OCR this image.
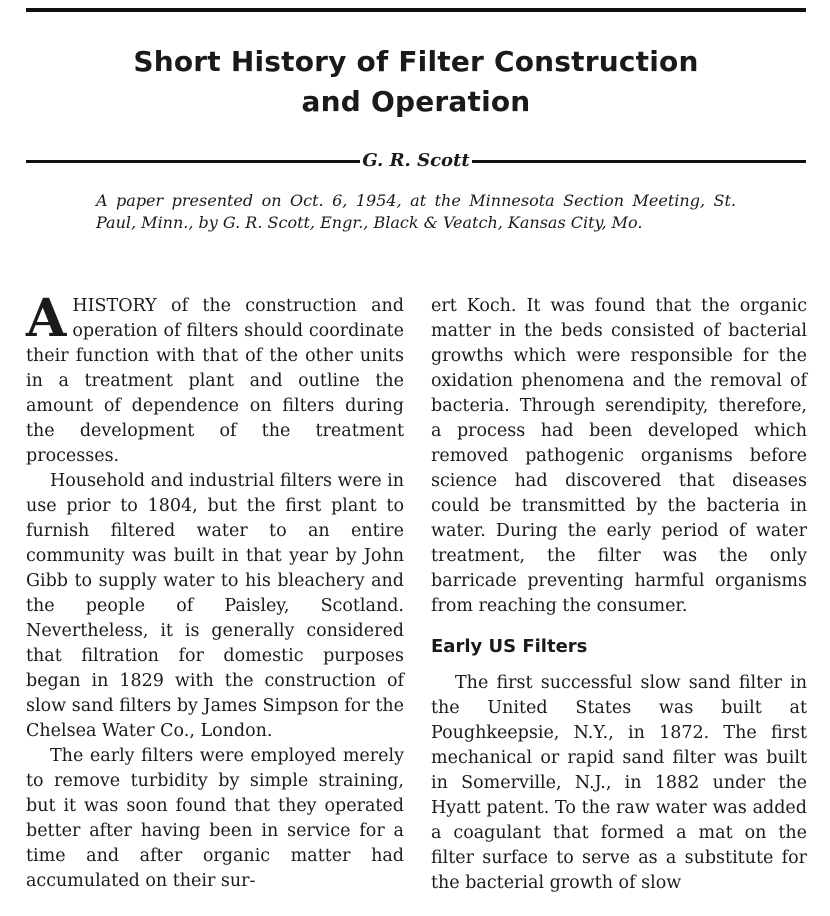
Short History of Filter Construction
and Operation
G. R. Scott
A paper presented on Oct. 6, 1954, at the Minnesota Section Meeting, St. Paul, Minn., by G. R. Scott, Engr., Black & Veatch, Kansas City, Mo.

A HISTORY of the construction and operation of filters should coordinate their function with that of the other units in a treatment plant and outline the amount of dependence on filters during the development of the treatment processes.

Household and industrial filters were in use prior to 1804, but the first plant to furnish filtered water to an entire community was built in that year by John Gibb to supply water to his bleachery and the people of Paisley, Scotland. Nevertheless, it is generally considered that filtration for domestic purposes began in 1829 with the construction of slow sand filters by James Simpson for the Chelsea Water Co., London.

The early filters were employed merely to remove turbidity by simple straining, but it was soon found that they operated better after having been in service for a time and after organic matter had accumulated on their sur-

ert Koch. It was found that the organic matter in the beds consisted of bacterial growths which were responsible for the oxidation phenomena and the removal of bacteria. Through serendipity, therefore, a process had been developed which removed pathogenic organisms before science had discovered that diseases could be transmitted by the bacteria in water. During the early period of water treatment, the filter was the only barricade preventing harmful organisms from reaching the consumer.

Early US Filters

The first successful slow sand filter in the United States was built at Poughkeepsie, N.Y., in 1872. The first mechanical or rapid sand filter was built in Somerville, N.J., in 1882 under the Hyatt patent. To the raw water was added a coagulant that formed a mat on the filter surface to serve as a substitute for the bacterial growth of slow
